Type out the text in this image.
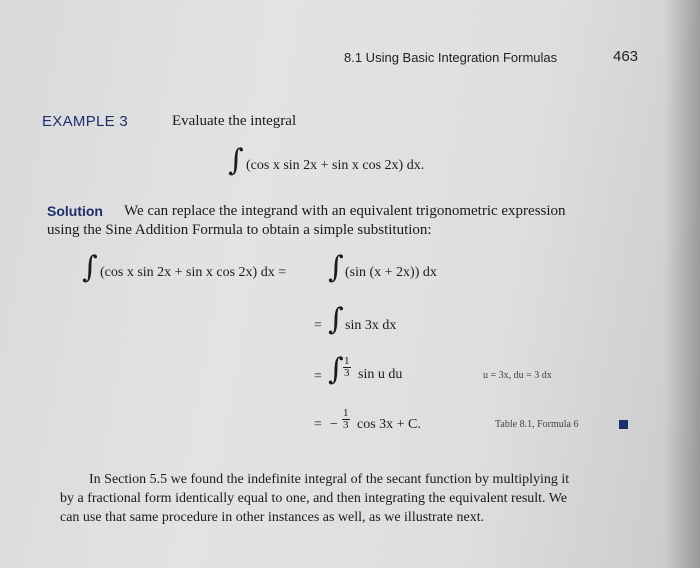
8.1 Using Basic Integration Formulas	463
EXAMPLE 3	Evaluate the integral
∫ (cos x sin 2x + sin x cos 2x) dx.
Solution We can replace the integrand with an equivalent trigonometric expression
using the Sine Addition Formula to obtain a simple substitution:
∫ (cos x sin 2x + sin x cos 2x) dx = ∫ (sin (x + 2x)) dx
= ∫ sin 3x dx
= ∫ $\frac{1}{3}$ sin u du	u = 3x, du = 3 dx
= − $\frac{1}{3}$ cos 3x + C.	Table 8.1, Formula 6
In Section 5.5 we found the indefinite integral of the secant function by multiplying it
by a fractional form identically equal to one, and then integrating the equivalent result. We
can use that same procedure in other instances as well, as we illustrate next.
